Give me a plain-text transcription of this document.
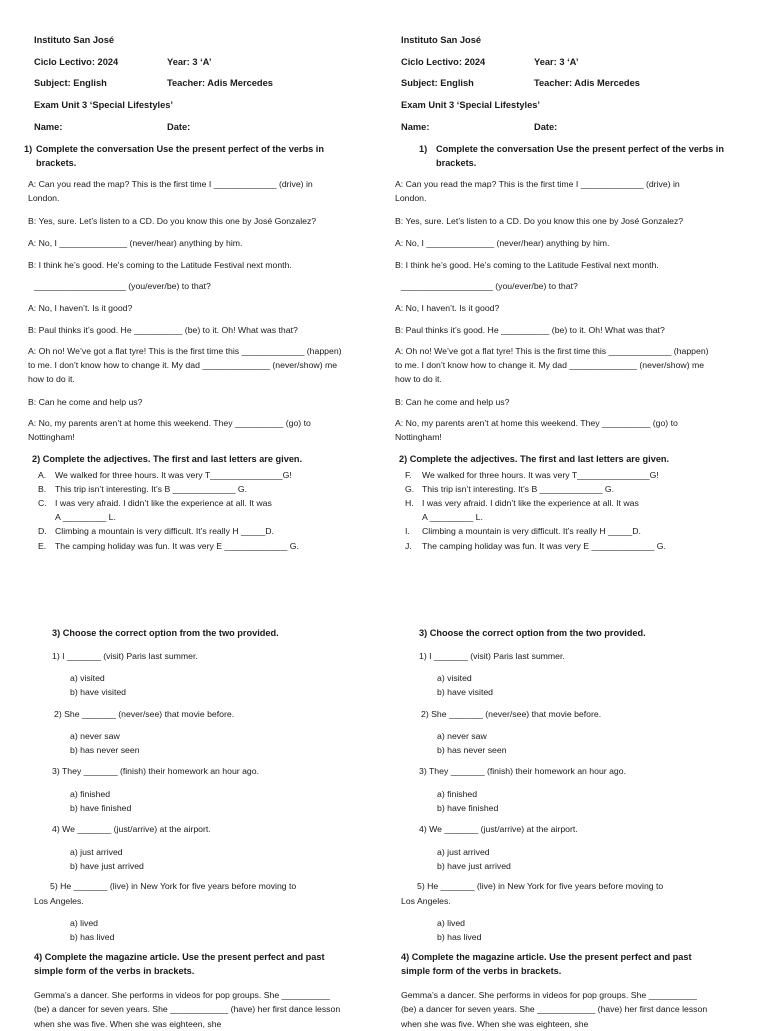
Instituto San José
Ciclo Lectivo: 2024	Year: 3 ‘A’
Subject: English	Teacher: Adis Mercedes
Exam Unit 3 ‘Special Lifestyles’
Name:	Date:
1) Complete the conversation Use the present perfect of the verbs in brackets.
A: Can you read the map? This is the first time I _____________ (drive) in London.
B: Yes, sure. Let’s listen to a CD. Do you know this one by José Gonzalez?
A: No, I ______________ (never/hear) anything by him.
B: I think he’s good. He’s coming to the Latitude Festival next month.
___________________ (you/ever/be) to that?
A: No, I haven’t. Is it good?
B: Paul thinks it’s good. He __________ (be) to it. Oh! What was that?
A: Oh no! We’ve got a flat tyre! This is the first time this _____________ (happen) to me. I don’t know how to change it. My dad ______________ (never/show) me how to do it.
B: Can he come and help us?
A: No, my parents aren’t at home this weekend. They __________ (go) to Nottingham!
2) Complete the adjectives. The first and last letters are given.
A.	We walked for three hours. It was very T_______________G!
B.	This trip isn’t interesting. It’s B _____________ G.
C. I was very afraid. I didn’t like the experience at all. It was
A _________ L.
D. Climbing a mountain is very difficult. It’s really H _____D.
E.	The camping holiday was fun. It was very E _____________ G.
3) Choose the correct option from the two provided.
1) I _______ (visit) Paris last summer.
a) visited
b) have visited
2) She _______ (never/see) that movie before.
a) never saw
b) has never seen
3) They _______ (finish) their homework an hour ago.
a) finished
b) have finished
4) We _______ (just/arrive) at the airport.
a) just arrived
b) have just arrived
5) He _______ (live) in New York for five years before moving to
Los Angeles.
a) lived
b) has lived
4) Complete the magazine article. Use the present perfect and past simple form of the verbs in brackets.
Gemma’s a dancer. She performs in videos for pop groups. She __________ (be) a dancer for seven years. She ____________ (have) her first dance lesson when she was five. When she was eighteen, she
Instituto San José
Ciclo Lectivo: 2024	Year: 3 ‘A’
Subject: English	Teacher: Adis Mercedes
Exam Unit 3 ‘Special Lifestyles’
Name:	Date:
1) Complete the conversation Use the present perfect of the verbs in brackets.
A: Can you read the map? This is the first time I _____________ (drive) in London.
B: Yes, sure. Let’s listen to a CD. Do you know this one by José Gonzalez?
A: No, I ______________ (never/hear) anything by him.
B: I think he’s good. He’s coming to the Latitude Festival next month.
___________________ (you/ever/be) to that?
A: No, I haven’t. Is it good?
B: Paul thinks it’s good. He __________ (be) to it. Oh! What was that?
A: Oh no! We’ve got a flat tyre! This is the first time this _____________ (happen) to me. I don’t know how to change it. My dad ______________ (never/show) me how to do it.
B: Can he come and help us?
A: No, my parents aren’t at home this weekend. They __________ (go) to Nottingham!
2) Complete the adjectives. The first and last letters are given.
F.	We walked for three hours. It was very T_______________G!
G. This trip isn’t interesting. It’s B _____________ G.
H. I was very afraid. I didn’t like the experience at all. It was
A _________ L.
I.	Climbing a mountain is very difficult. It’s really H _____D.
J.	The camping holiday was fun. It was very E _____________ G.
3) Choose the correct option from the two provided.
1) I _______ (visit) Paris last summer.
a) visited
b) have visited
2) She _______ (never/see) that movie before.
a) never saw
b) has never seen
3) They _______ (finish) their homework an hour ago.
a) finished
b) have finished
4) We _______ (just/arrive) at the airport.
a) just arrived
b) have just arrived
5) He _______ (live) in New York for five years before moving to
Los Angeles.
a) lived
b) has lived
4) Complete the magazine article. Use the present perfect and past simple form of the verbs in brackets.
Gemma’s a dancer. She performs in videos for pop groups. She __________ (be) a dancer for seven years. She ____________ (have) her first dance lesson when she was five. When she was eighteen, she
